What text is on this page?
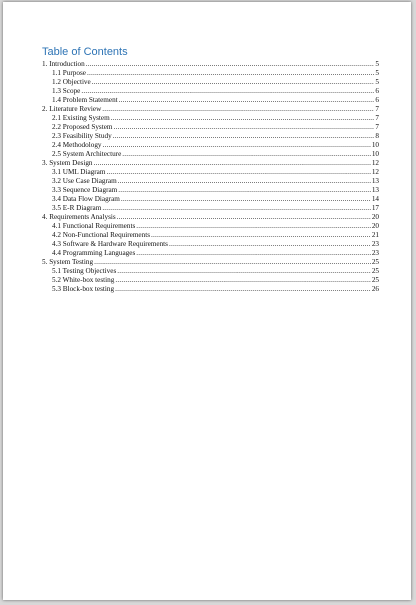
Table of Contents
1. Introduction .....	5
1.1 Purpose .....	5
1.2 Objective .....	5
1.3 Scope .....	6
1.4 Problem Statement .....	6
2. Literature Review .....	7
2.1 Existing System .....	7
2.2 Proposed System .....	7
2.3 Feasibility Study .....	8
2.4 Methodology .....	10
2.5 System Architecture .....	10
3. System Design .....	12
3.1 UML Diagram .....	12
3.2 Use Case Diagram .....	13
3.3 Sequence Diagram .....	13
3.4 Data Flow Diagram .....	14
3.5 E-R Diagram .....	17
4. Requirements Analysis .....	20
4.1 Functional Requirements .....	20
4.2 Non-Functional Requirements .....	21
4.3 Software & Hardware Requirements .....	23
4.4 Programming Languages .....	23
5. System Testing .....	25
5.1 Testing Objectives .....	25
5.2 White-box testing .....	25
5.3 Block-box testing .....	26
